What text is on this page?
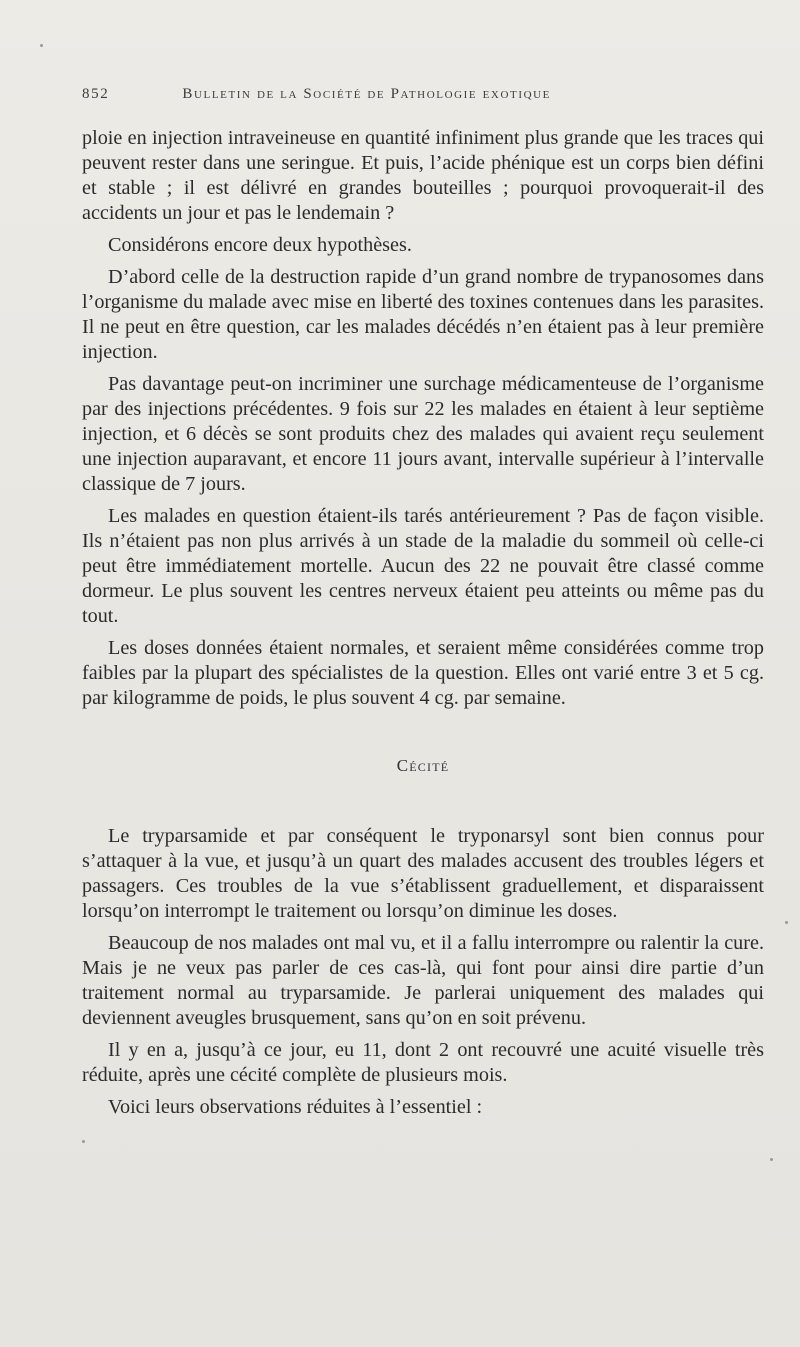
852	Bulletin de la Société de Pathologie exotique

ploie en injection intraveineuse en quantité infiniment plus grande que les traces qui peuvent rester dans une seringue. Et puis, l’acide phénique est un corps bien défini et stable ; il est délivré en grandes bouteilles ; pourquoi provoquerait-il des accidents un jour et pas le lendemain ?

Considérons encore deux hypothèses.

D’abord celle de la destruction rapide d’un grand nombre de trypanosomes dans l’organisme du malade avec mise en liberté des toxines contenues dans les parasites. Il ne peut en être question, car les malades décédés n’en étaient pas à leur première injection.

Pas davantage peut-on incriminer une surchage médicamenteuse de l’organisme par des injections précédentes. 9 fois sur 22 les malades en étaient à leur septième injection, et 6 décès se sont produits chez des malades qui avaient reçu seulement une injection auparavant, et encore 11 jours avant, intervalle supérieur à l’intervalle classique de 7 jours.

Les malades en question étaient-ils tarés antérieurement ? Pas de façon visible. Ils n’étaient pas non plus arrivés à un stade de la maladie du sommeil où celle-ci peut être immédiatement mortelle. Aucun des 22 ne pouvait être classé comme dormeur. Le plus souvent les centres nerveux étaient peu atteints ou même pas du tout.

Les doses données étaient normales, et seraient même considérées comme trop faibles par la plupart des spécialistes de la question. Elles ont varié entre 3 et 5 cg. par kilogramme de poids, le plus souvent 4 cg. par semaine.

Cécité

Le tryparsamide et par conséquent le tryponarsyl sont bien connus pour s’attaquer à la vue, et jusqu’à un quart des malades accusent des troubles légers et passagers. Ces troubles de la vue s’établissent graduellement, et disparaissent lorsqu’on interrompt le traitement ou lorsqu’on diminue les doses.

Beaucoup de nos malades ont mal vu, et il a fallu interrompre ou ralentir la cure. Mais je ne veux pas parler de ces cas-là, qui font pour ainsi dire partie d’un traitement normal au tryparsamide. Je parlerai uniquement des malades qui deviennent aveugles brusquement, sans qu’on en soit prévenu.

Il y en a, jusqu’à ce jour, eu 11, dont 2 ont recouvré une acuité visuelle très réduite, après une cécité complète de plusieurs mois.

Voici leurs observations réduites à l’essentiel :
